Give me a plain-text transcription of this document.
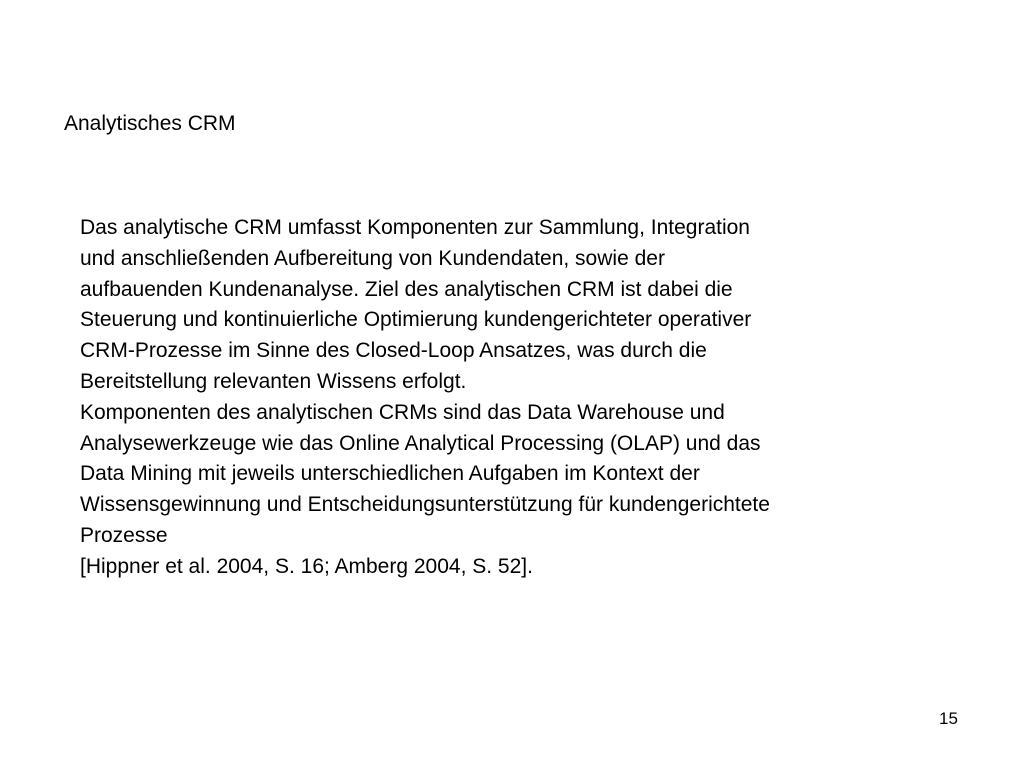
Analytisches CRM
Das analytische CRM umfasst Komponenten zur Sammlung, Integration
und anschließenden Aufbereitung von Kundendaten, sowie der
aufbauenden Kundenanalyse. Ziel des analytischen CRM ist dabei die
Steuerung und kontinuierliche Optimierung kundengerichteter operativer
CRM-Prozesse im Sinne des Closed-Loop Ansatzes, was durch die
Bereitstellung relevanten Wissens erfolgt.
Komponenten des analytischen CRMs sind das Data Warehouse und
Analysewerkzeuge wie das Online Analytical Processing (OLAP) und das
Data Mining mit jeweils unterschiedlichen Aufgaben im Kontext der
Wissensgewinnung und Entscheidungsunterstützung für kundengerichtete
Prozesse
[Hippner et al. 2004, S. 16; Amberg 2004, S. 52].
15
